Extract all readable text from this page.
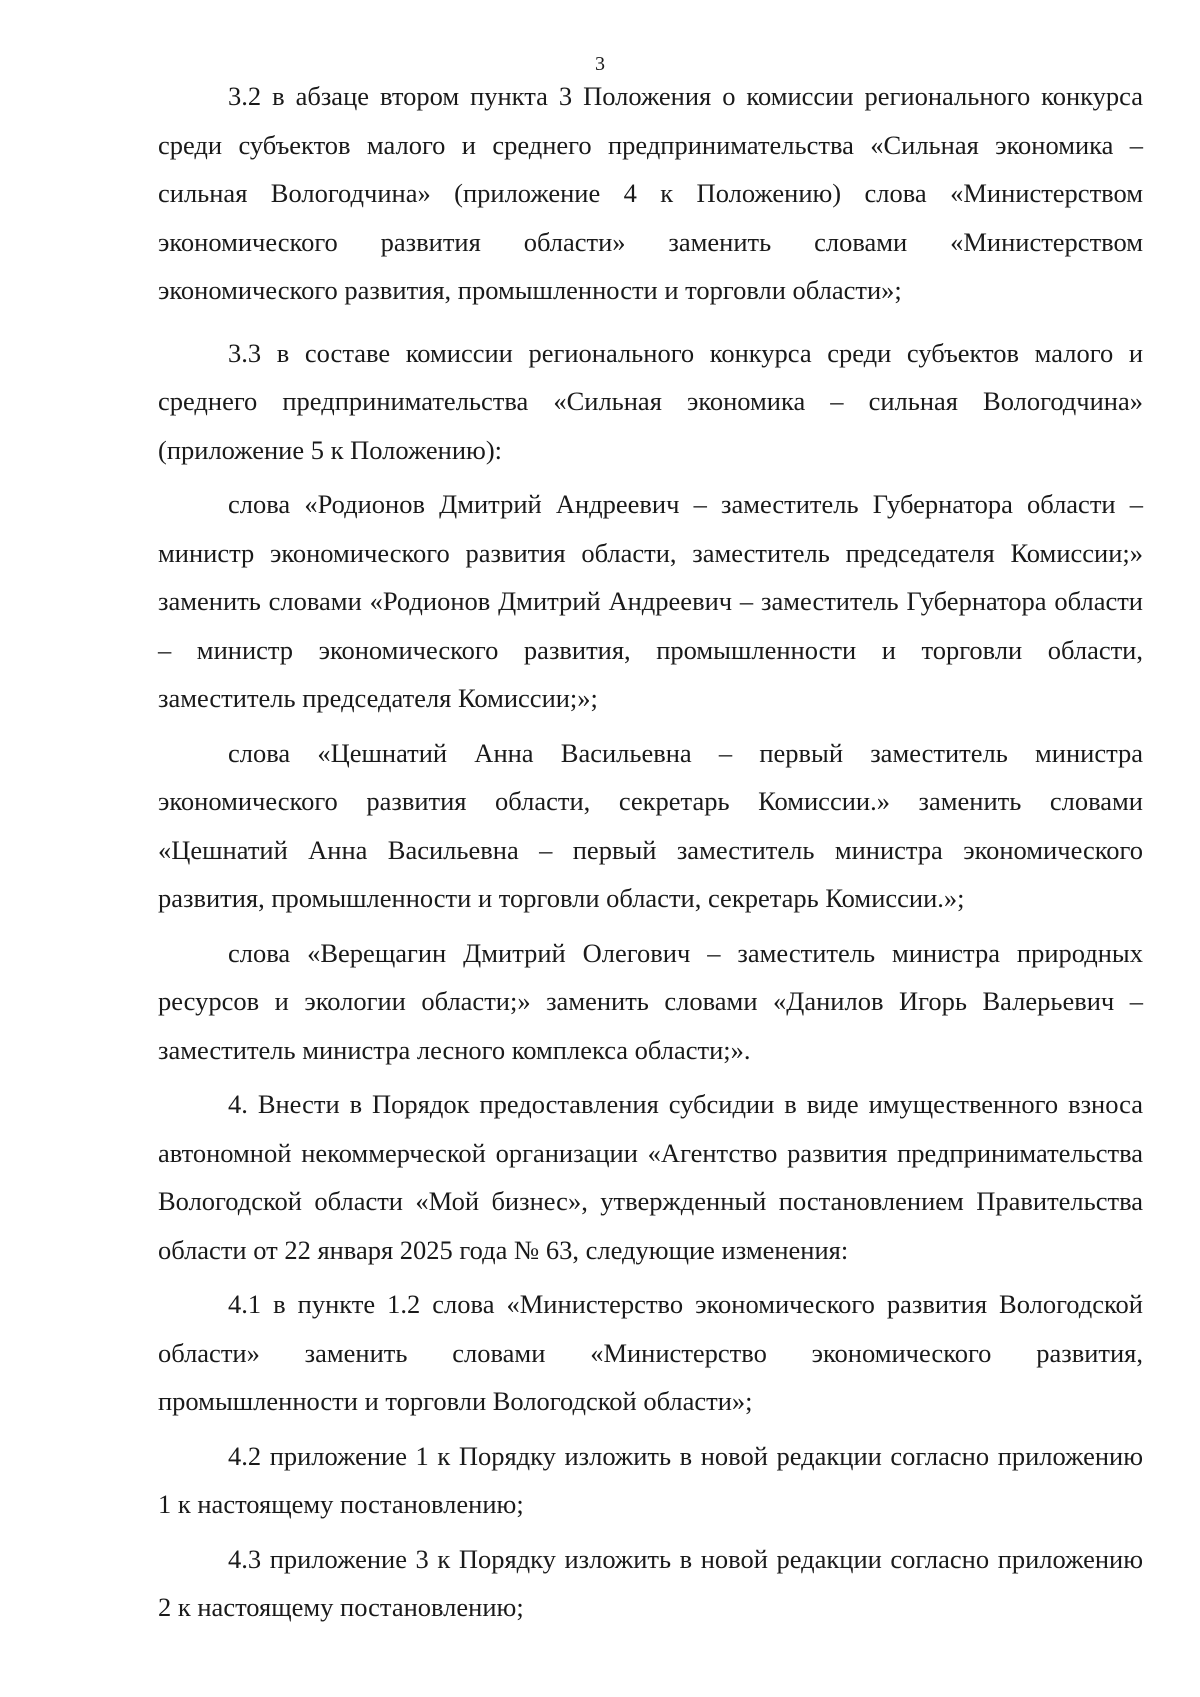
3

3.2 в абзаце втором пункта 3 Положения о комиссии регионального конкурса среди субъектов малого и среднего предпринимательства «Сильная экономика – сильная Вологодчина» (приложение 4 к Положению) слова «Министерством экономического развития области» заменить словами «Министерством экономического развития, промышленности и торговли области»;

3.3 в составе комиссии регионального конкурса среди субъектов малого и среднего предпринимательства «Сильная экономика – сильная Вологодчина» (приложение 5 к Положению):

слова «Родионов Дмитрий Андреевич – заместитель Губернатора области – министр экономического развития области, заместитель председателя Комиссии;» заменить словами «Родионов Дмитрий Андреевич – заместитель Губернатора области – министр экономического развития, промышленности и торговли области, заместитель председателя Комиссии;»;

слова «Цешнатий Анна Васильевна – первый заместитель министра экономического развития области, секретарь Комиссии.» заменить словами «Цешнатий Анна Васильевна – первый заместитель министра экономического развития, промышленности и торговли области, секретарь Комиссии.»;

слова «Верещагин Дмитрий Олегович – заместитель министра природных ресурсов и экологии области;» заменить словами «Данилов Игорь Валерьевич – заместитель министра лесного комплекса области;».

4. Внести в Порядок предоставления субсидии в виде имущественного взноса автономной некоммерческой организации «Агентство развития предпринимательства Вологодской области «Мой бизнес», утвержденный постановлением Правительства области от 22 января 2025 года № 63, следующие изменения:

4.1 в пункте 1.2 слова «Министерство экономического развития Вологодской области» заменить словами «Министерство экономического развития, промышленности и торговли Вологодской области»;

4.2 приложение 1 к Порядку изложить в новой редакции согласно приложению 1 к настоящему постановлению;

4.3 приложение 3 к Порядку изложить в новой редакции согласно приложению 2 к настоящему постановлению;
